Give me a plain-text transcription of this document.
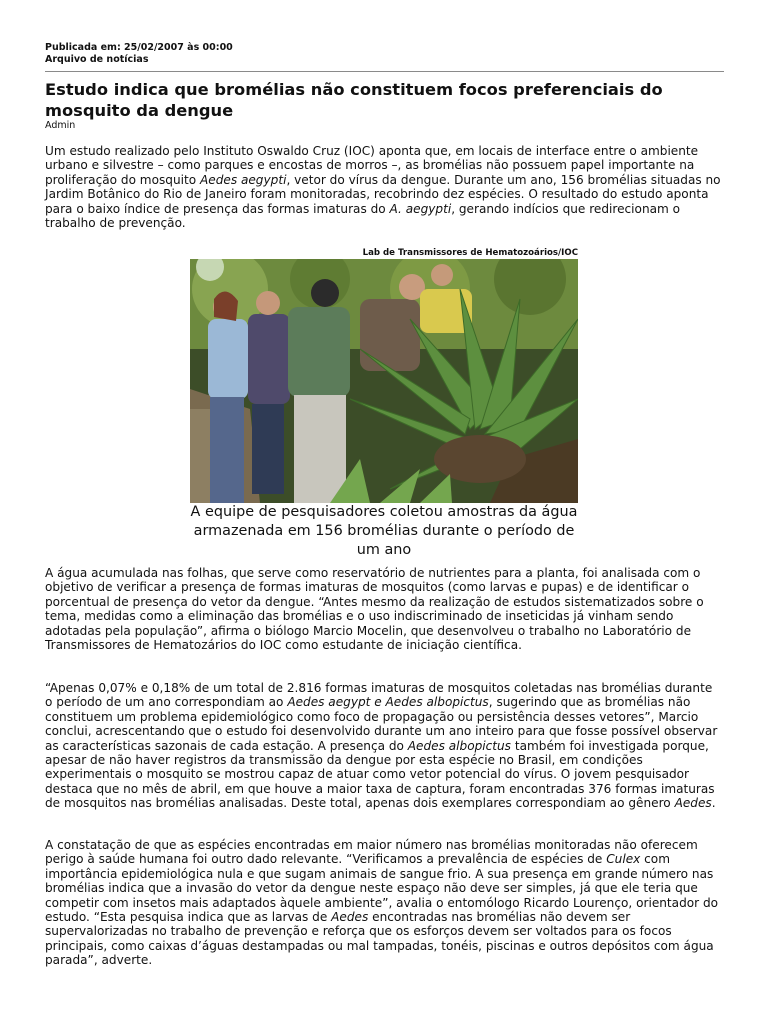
Publicada em: 25/02/2007 às 00:00
Arquivo de notícias
Estudo indica que bromélias não constituem focos preferenciais do mosquito da dengue
Admin

Um estudo realizado pelo Instituto Oswaldo Cruz (IOC) aponta que, em locais de interface entre o ambiente urbano e silvestre – como parques e encostas de morros –, as bromélias não possuem papel importante na proliferação do mosquito Aedes aegypti, vetor do vírus da dengue. Durante um ano, 156 bromélias situadas no Jardim Botânico do Rio de Janeiro foram monitoradas, recobrindo dez espécies. O resultado do estudo aponta para o baixo índice de presença das formas imaturas do A. aegypti, gerando indícios que redirecionam o trabalho de prevenção.

Lab de Transmissores de Hematozoários/IOC
A equipe de pesquisadores coletou amostras da água armazenada em 156 bromélias durante o período de um ano

A água acumulada nas folhas, que serve como reservatório de nutrientes para a planta, foi analisada com o objetivo de verificar a presença de formas imaturas de mosquitos (como larvas e pupas) e de identificar o porcentual de presença do vetor da dengue. “Antes mesmo da realização de estudos sistematizados sobre o tema, medidas como a eliminação das bromélias e o uso indiscriminado de inseticidas já vinham sendo adotadas pela população”, afirma o biólogo Marcio Mocelin, que desenvolveu o trabalho no Laboratório de Transmissores de Hematozários do IOC como estudante de iniciação científica.

“Apenas 0,07% e 0,18% de um total de 2.816 formas imaturas de mosquitos coletadas nas bromélias durante o período de um ano correspondiam ao Aedes aegypt e Aedes albopictus, sugerindo que as bromélias não constituem um problema epidemiológico como foco de propagação ou persistência desses vetores”, Marcio conclui, acrescentando que o estudo foi desenvolvido durante um ano inteiro para que fosse possível observar as características sazonais de cada estação. A presença do Aedes albopictus também foi investigada porque, apesar de não haver registros da transmissão da dengue por esta espécie no Brasil, em condições experimentais o mosquito se mostrou capaz de atuar como vetor potencial do vírus. O jovem pesquisador destaca que no mês de abril, em que houve a maior taxa de captura, foram encontradas 376 formas imaturas de mosquitos nas bromélias analisadas. Deste total, apenas dois exemplares correspondiam ao gênero Aedes.

A constatação de que as espécies encontradas em maior número nas bromélias monitoradas não oferecem perigo à saúde humana foi outro dado relevante. “Verificamos a prevalência de espécies de Culex com importância epidemiológica nula e que sugam animais de sangue frio. A sua presença em grande número nas bromélias indica que a invasão do vetor da dengue neste espaço não deve ser simples, já que ele teria que competir com insetos mais adaptados àquele ambiente”, avalia o entomólogo Ricardo Lourenço, orientador do estudo. “Esta pesquisa indica que as larvas de Aedes encontradas nas bromélias não devem ser supervalorizadas no trabalho de prevenção e reforça que os esforços devem ser voltados para os focos principais, como caixas d’águas destampadas ou mal tampadas, tonéis, piscinas e outros depósitos com água parada”, adverte.
